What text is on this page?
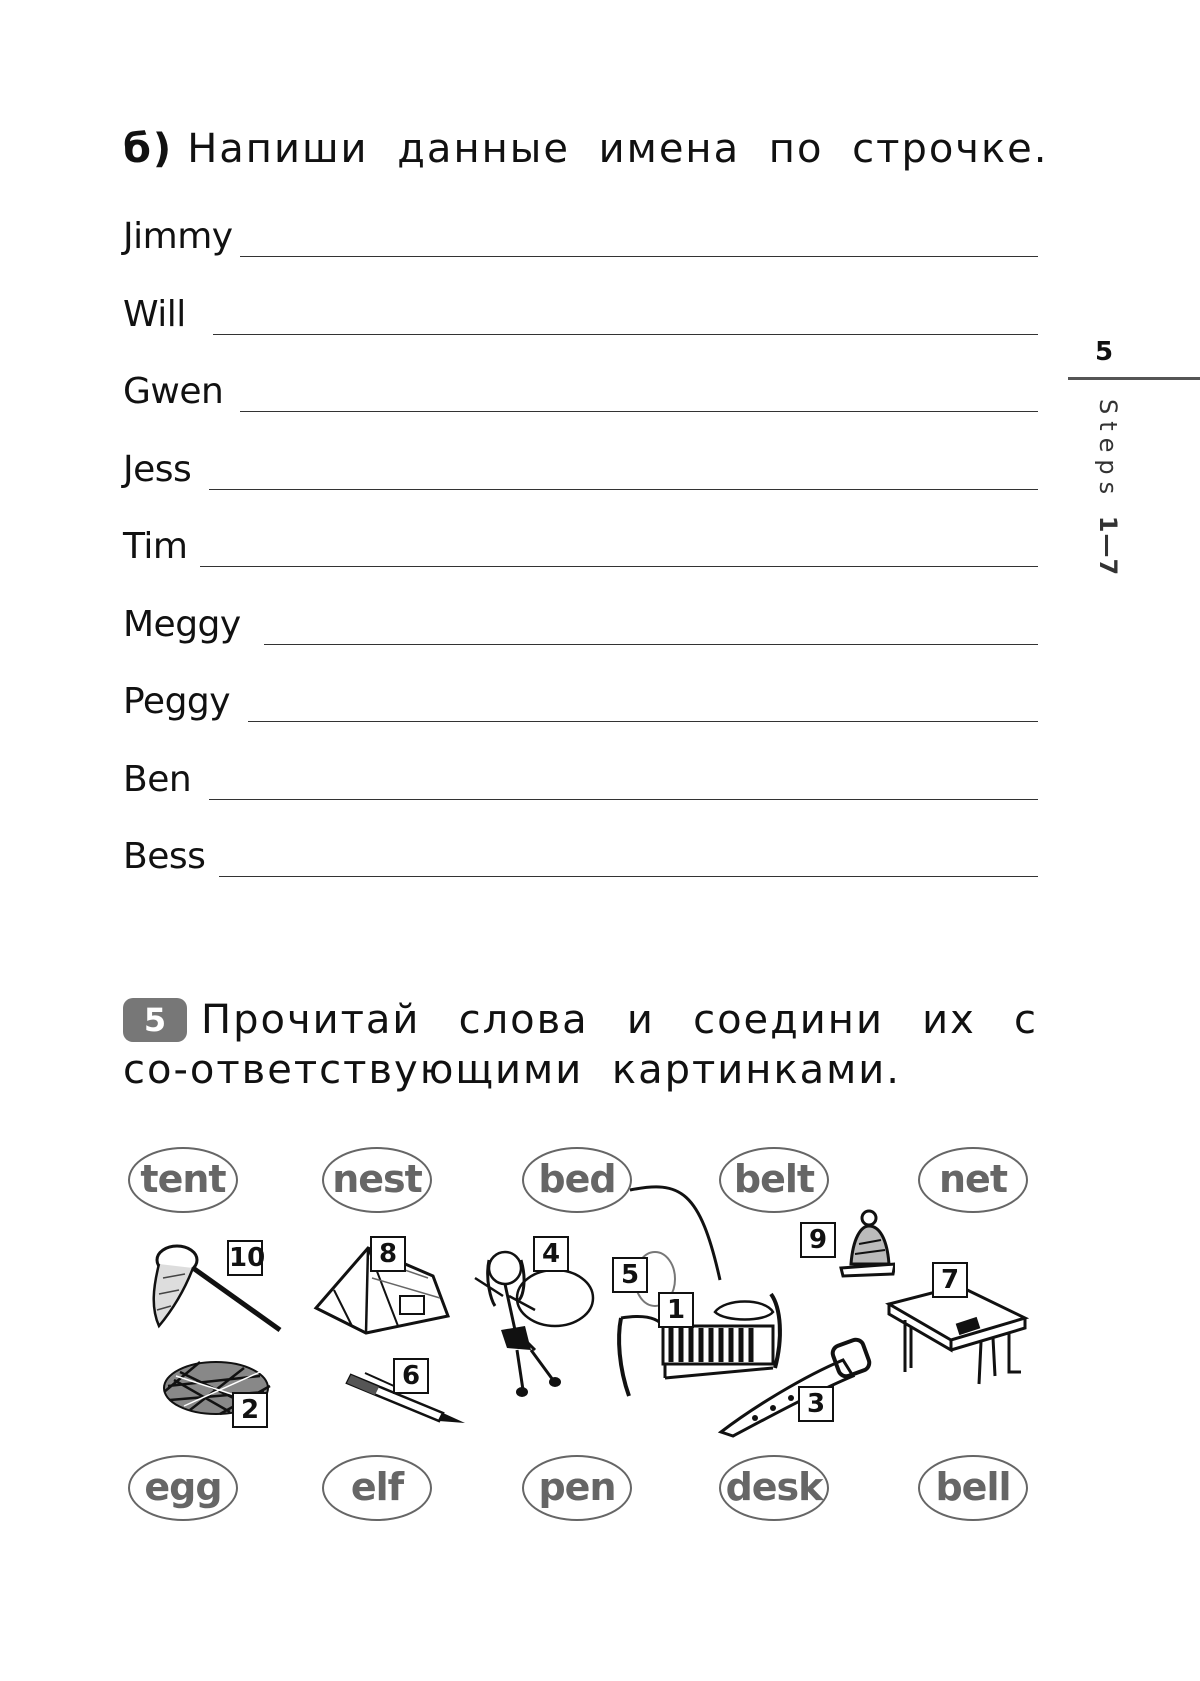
б) Напиши данные имена по строчке.
Jimmy
Will
Gwen
Jess
Tim
Meggy
Peggy
Ben
Bess
5
Steps 1—7
5 Прочитай слова и соедини их с со-ответствующими картинками.
tent	nest	bed	belt	net
10	8	4
5
1
9
7
2
6
3
egg	elf	pen	desk	bell
